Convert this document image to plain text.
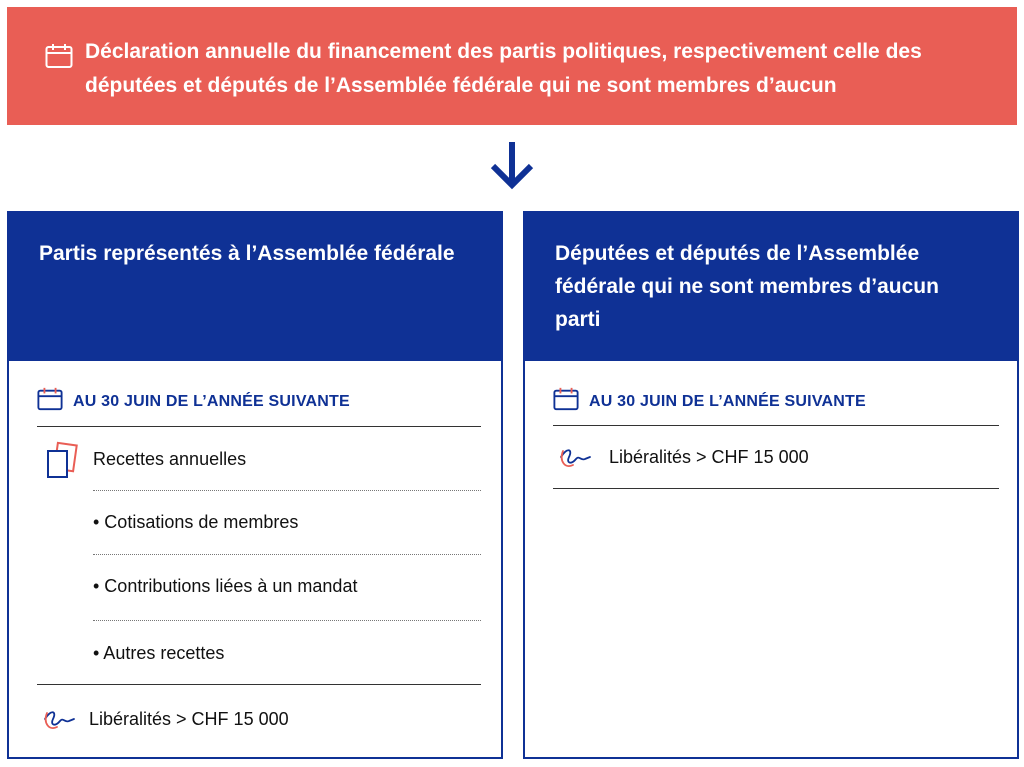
Déclaration annuelle du financement des partis politiques, respectivement celle des députées et députés de l’Assemblée fédérale qui ne sont membres d’aucun
Partis représentés à l’Assemblée fédérale
AU 30 JUIN DE L’ANNÉE SUIVANTE
Recettes annuelles
• Cotisations de membres
• Contributions liées à un mandat
• Autres recettes
Libéralités > CHF 15 000
Députées et députés de l’Assemblée fédérale qui ne sont membres d’aucun parti
AU 30 JUIN DE L’ANNÉE SUIVANTE
Libéralités > CHF 15 000
